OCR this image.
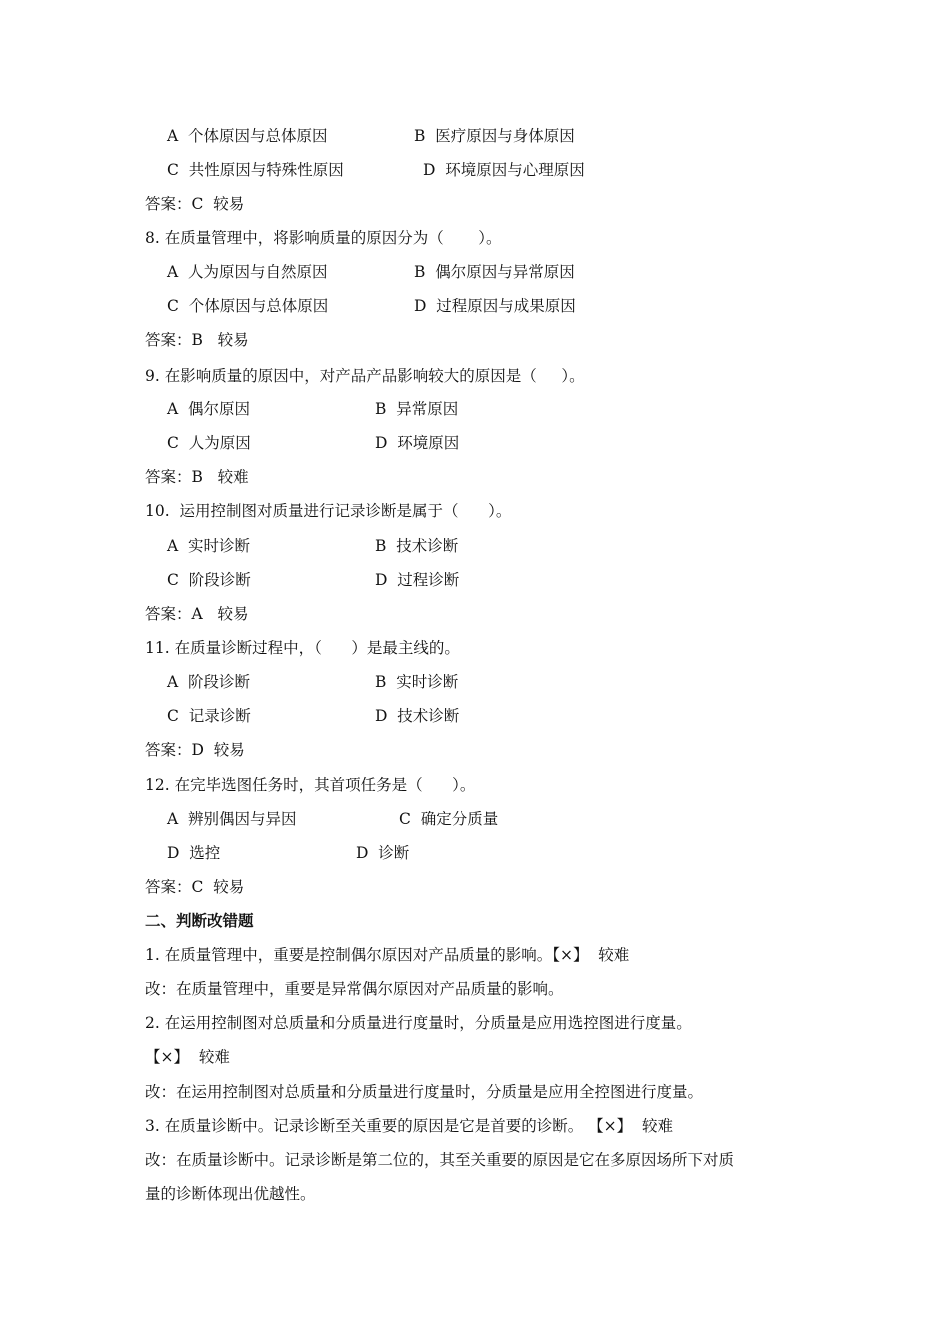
A  个体原因与总体原因	B  医疗原因与身体原因
C  共性原因与特殊性原因	D  环境原因与心理原因
答案：C  较易
8. 在质量管理中，将影响质量的原因分为（       ）。
A  人为原因与自然原因	B  偶尔原因与异常原因
C  个体原因与总体原因	D  过程原因与成果原因
答案：B   较易
9. 在影响质量的原因中，对产品产品影响较大的原因是（     ）。
A  偶尔原因	B  异常原因
C  人为原因	D  环境原因
答案：B   较难
10.  运用控制图对质量进行记录诊断是属于（      ）。
A  实时诊断	B  技术诊断
C  阶段诊断	D  过程诊断
答案：A   较易
11. 在质量诊断过程中，（      ）是最主线的。
A  阶段诊断	B  实时诊断
C  记录诊断	D  技术诊断
答案：D  较易
12. 在完毕选图任务时，其首项任务是（      ）。
A  辨别偶因与异因	C  确定分质量
D  选控	D  诊断
答案：C  较易
二、判断改错题
1. 在质量管理中，重要是控制偶尔原因对产品质量的影响。【×】  较难
改：在质量管理中，重要是异常偶尔原因对产品质量的影响。
2. 在运用控制图对总质量和分质量进行度量时，分质量是应用选控图进行度量。
【×】  较难
改：在运用控制图对总质量和分质量进行度量时，分质量是应用全控图进行度量。
3. 在质量诊断中。记录诊断至关重要的原因是它是首要的诊断。 【×】  较难
改：在质量诊断中。记录诊断是第二位的，其至关重要的原因是它在多原因场所下对质
量的诊断体现出优越性。
